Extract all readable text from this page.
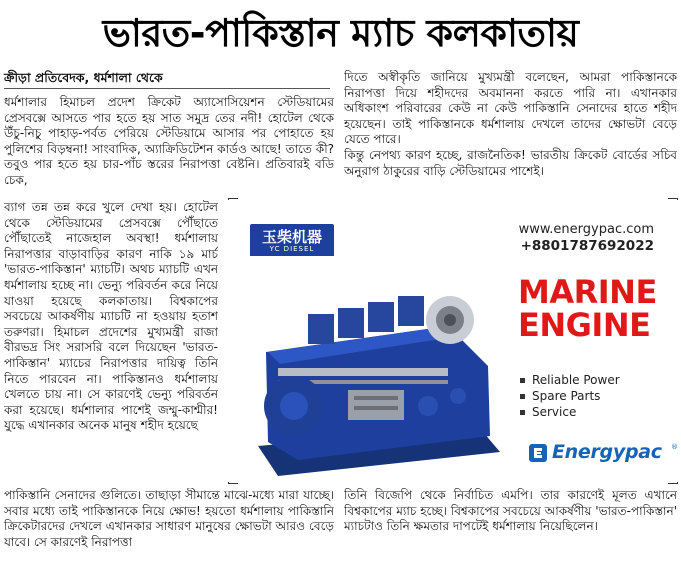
ভারত-পাকিস্তান ম্যাচ কলকাতায়
ক্রীড়া প্রতিবেদক, ধর্মশালা থেকে

ধর্মশালার হিমাচল প্রদেশ ক্রিকেট অ্যাসোসিয়েশন স্টেডিয়ামের প্রেসবক্সে আসতে পার হতে হয় সাত সমুদ্র তের নদী! হোটেল থেকে উঁচু-নিচু পাহাড়-পর্বত পেরিয়ে স্টেডিয়ামে আসার পর পোহাতে হয় পুলিশের বিড়ম্বনা! সাংবাদিক, অ্যাক্রিডিটেশন কার্ডও আছে! তাতে কী? তবুও পার হতে হয় চার-পাঁচ স্তরের নিরাপত্তা বেষ্টনি। প্রতিবারই বডি চেক,

ব্যাগ তন্ন তন্ন করে খুলে দেখা হয়। হোটেল থেকে স্টেডিয়ামের প্রেসবক্সে পৌঁছাতে পৌঁছাতেই নাজেহাল অবস্থা! ধর্মশালায় নিরাপত্তার বাড়াবাড়ির কারণ নাকি ১৯ মার্চ 'ভারত-পাকিস্তান' ম্যাচটি। অথচ ম্যাচটি এখন ধর্মশালায় হচ্ছে না। ভেন্যু পরিবর্তন করে নিয়ে যাওয়া হয়েছে কলকাতায়। বিশ্বকাপের সবচেয়ে আকর্ষণীয় ম্যাচটি না হওয়ায় হতাশ তরুণরা। হিমাচল প্রদেশের মুখ্যমন্ত্রী রাজা বীরভদ্র সিং সরাসরি বলে দিয়েছেন 'ভারত-পাকিস্তান' ম্যাচের নিরাপত্তার দায়িত্ব তিনি নিতে পারবেন না। পাকিস্তানও ধর্মশালায় খেলতে চায় না। সে কারণেই ভেন্যু পরিবর্তন করা হয়েছে। ধর্মশালার পাশেই জম্মু-কাশ্মীর! যুদ্ধে এখানকার অনেক মানুষ শহীদ হয়েছে

পাকিস্তানি সেনাদের গুলিতে। তাছাড়া সীমান্তে মাঝে-মধ্যে মারা যাচ্ছে। সবার মধ্যে তাই পাকিস্তানকে নিয়ে ক্ষোভ! হয়তো ধর্মশালায় পাকিস্তানি ক্রিকেটারদের দেখলে এখানকার সাধারণ মানুষের ক্ষোভটা আরও বেড়ে যাবে। সে কারণেই নিরাপত্তা

দিতে অস্বীকৃতি জানিয়ে মুখ্যমন্ত্রী বলেছেন, আমরা পাকিস্তানকে নিরাপত্তা দিয়ে শহীদদের অবমাননা করতে পারি না। এখানকার অধিকাংশ পরিবারের কেউ না কেউ পাকিস্তানি সেনাদের হাতে শহীদ হয়েছেন। তাই পাকিস্তানকে ধর্মশালায় দেখলে তাদের ক্ষোভটা বেড়ে যেতে পারে।

কিন্তু নেপথ্য কারণ হচ্ছে, রাজনৈতিক! ভারতীয় ক্রিকেট বোর্ডের সচিব অনুরাগ ঠাকুরের বাড়ি স্টেডিয়ামের পাশেই।

তিনি বিজেপি থেকে নির্বাচিত এমপি। তার কারণেই মূলত এখানে বিশ্বকাপের ম্যাচ হচ্ছে। বিশ্বকাপের সবচেয়ে আকর্ষণীয় 'ভারত-পাকিস্তান' ম্যাচটাও তিনি ক্ষমতার দাপটেই ধর্মশালায় নিয়েছিলেন।

玉柴机器
YC DIESEL
www.energypac.com
+8801787692022
MARINE
ENGINE
Reliable Power
Spare Parts
Service
Energypac ®
